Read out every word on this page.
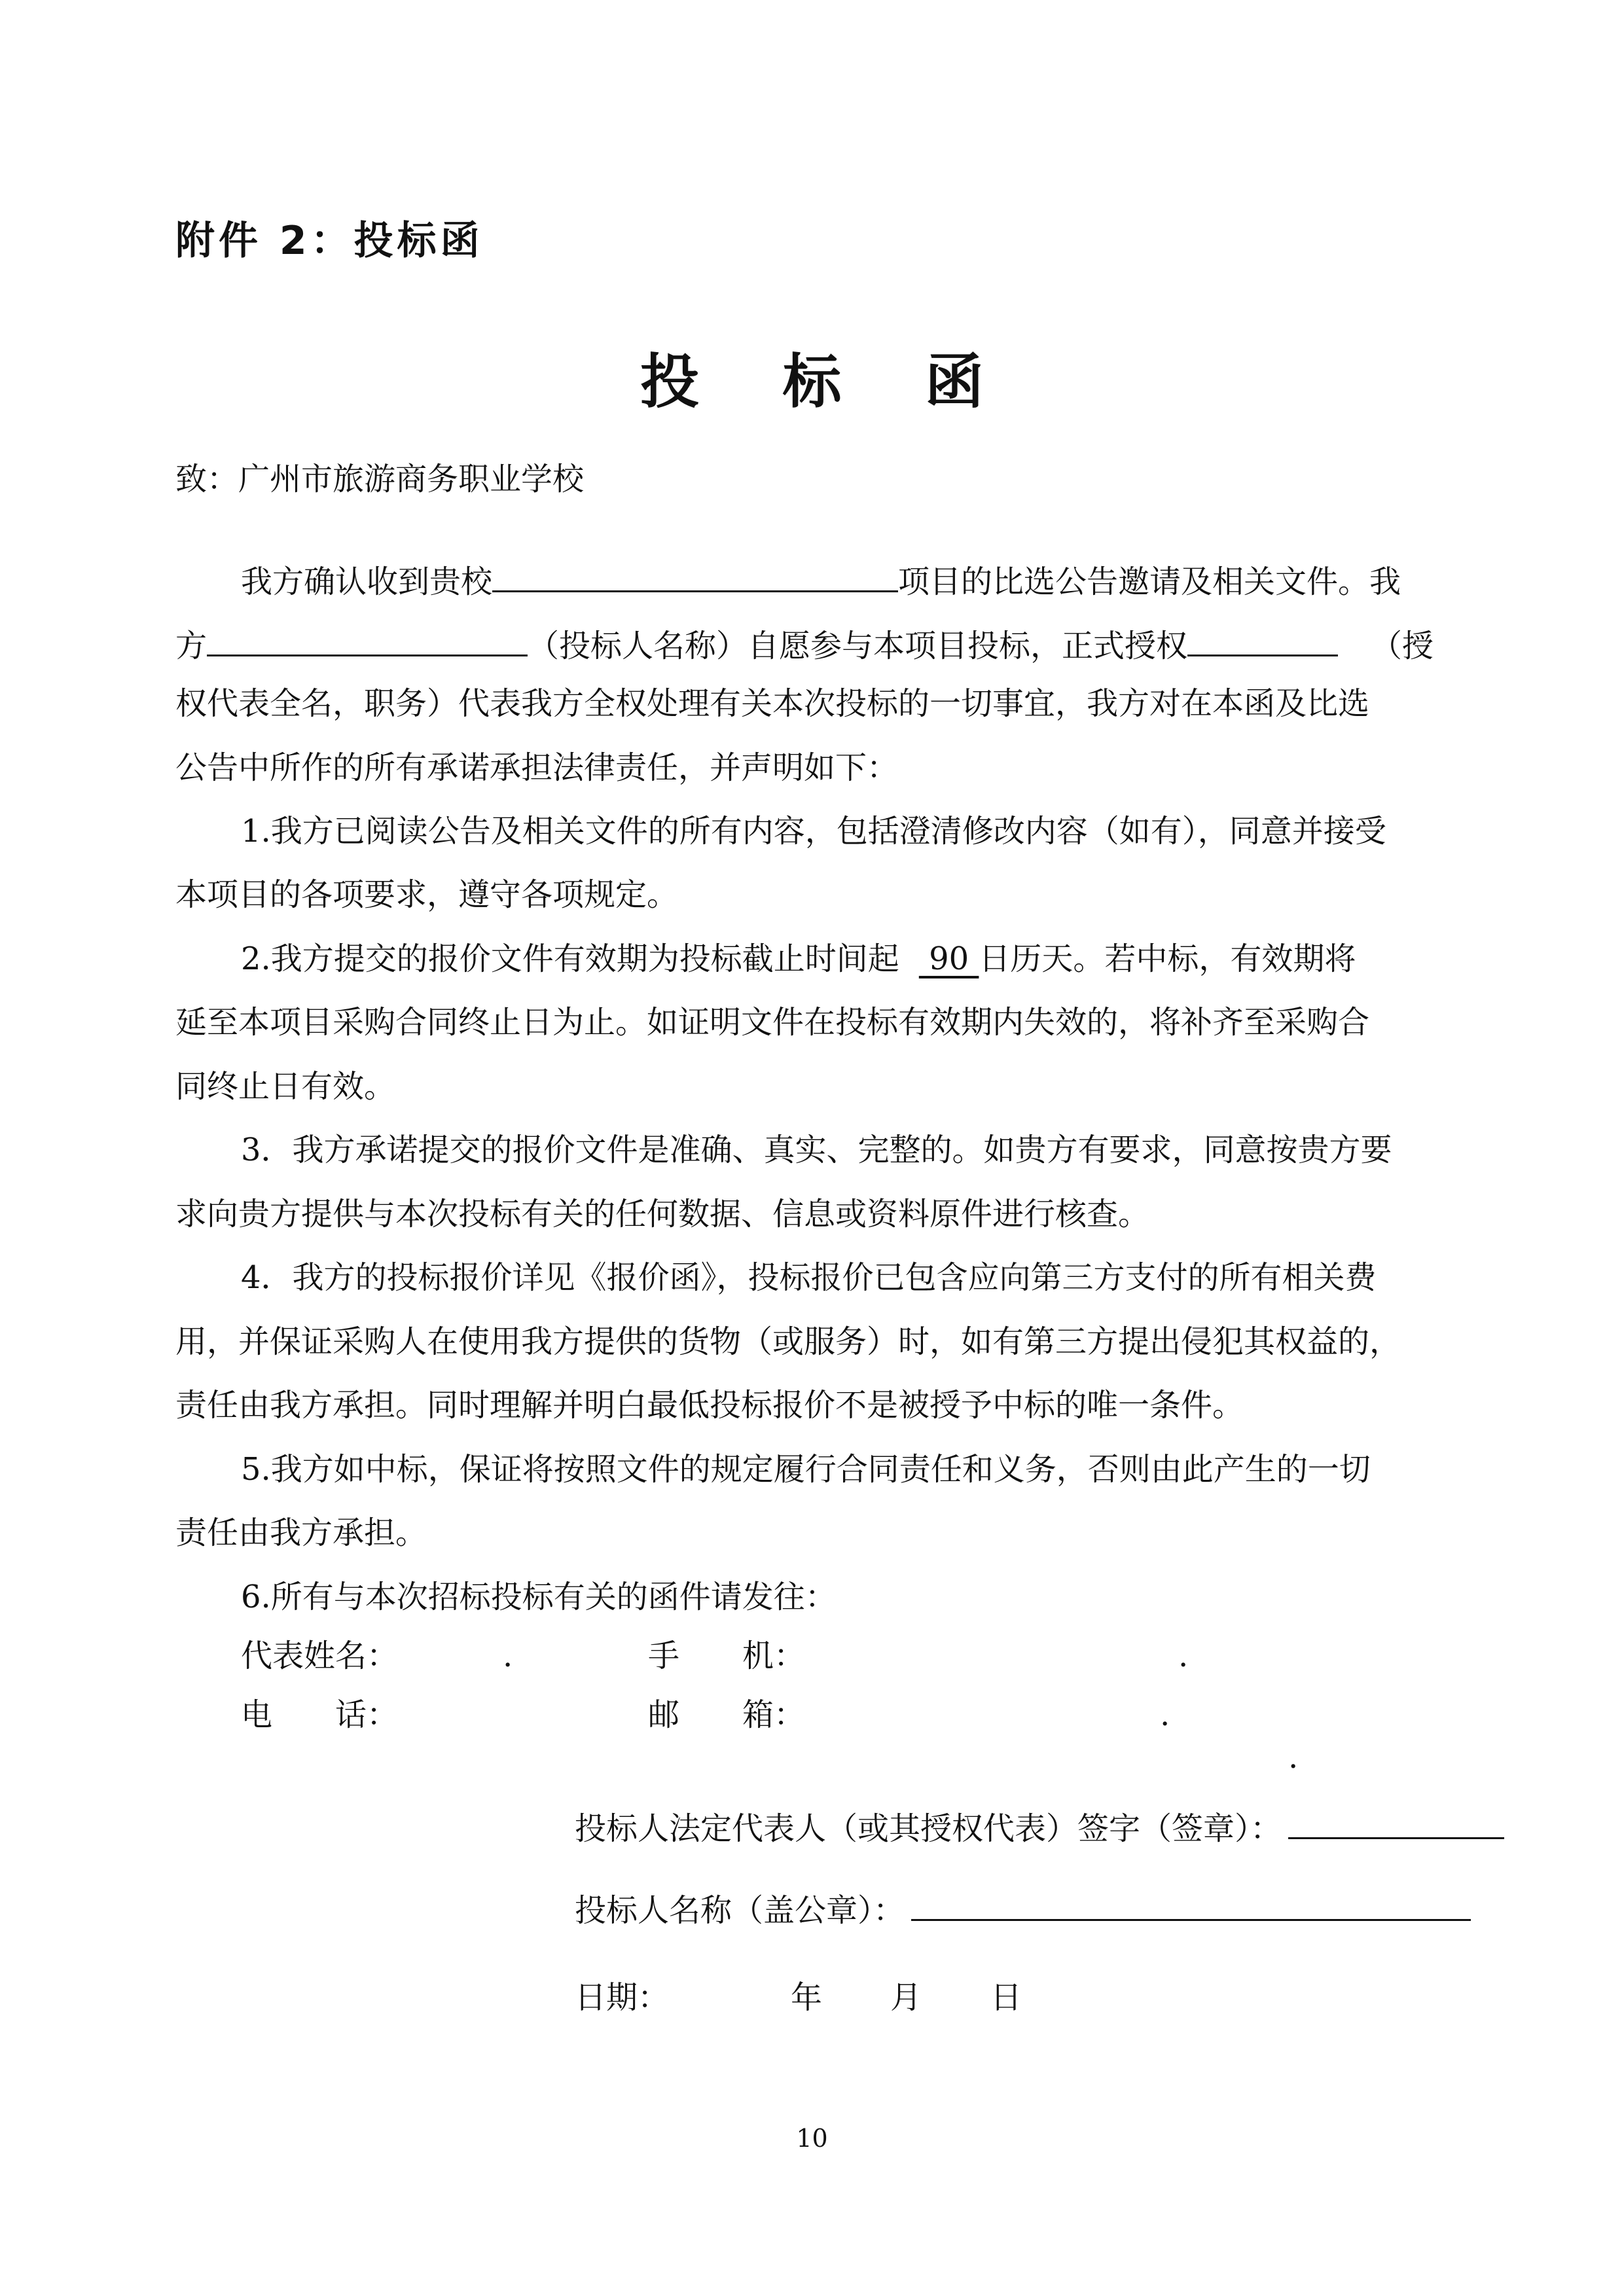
附件 2：投标函
投 标 函
致：广州市旅游商务职业学校
我方确认收到贵校	项目的比选公告邀请及相关文件。我
方	（投标人名称）自愿参与本项目投标，正式授权	（授
权代表全名，职务）代表我方全权处理有关本次投标的一切事宜，我方对在本函及比选
公告中所作的所有承诺承担法律责任，并声明如下：
1.我方已阅读公告及相关文件的所有内容，包括澄清修改内容（如有），同意并接受
本项目的各项要求，遵守各项规定。
2.我方提交的报价文件有效期为投标截止时间起 90 日历天。若中标，有效期将
延至本项目采购合同终止日为止。如证明文件在投标有效期内失效的，将补齐至采购合
同终止日有效。
3．我方承诺提交的报价文件是准确、真实、完整的。如贵方有要求，同意按贵方要
求向贵方提供与本次投标有关的任何数据、信息或资料原件进行核查。
4．我方的投标报价详见《报价函》，投标报价已包含应向第三方支付的所有相关费
用，并保证采购人在使用我方提供的货物（或服务）时，如有第三方提出侵犯其权益的，
责任由我方承担。同时理解并明白最低投标报价不是被授予中标的唯一条件。
5.我方如中标，保证将按照文件的规定履行合同责任和义务，否则由此产生的一切
责任由我方承担。
6.所有与本次招标投标有关的函件请发往：
代表姓名：	.	手　　机：	.
电　　话：	邮　　箱：	.
.
投标人法定代表人（或其授权代表）签字（签章）：
投标人名称（盖公章）：
日期：	年 月 日
10
